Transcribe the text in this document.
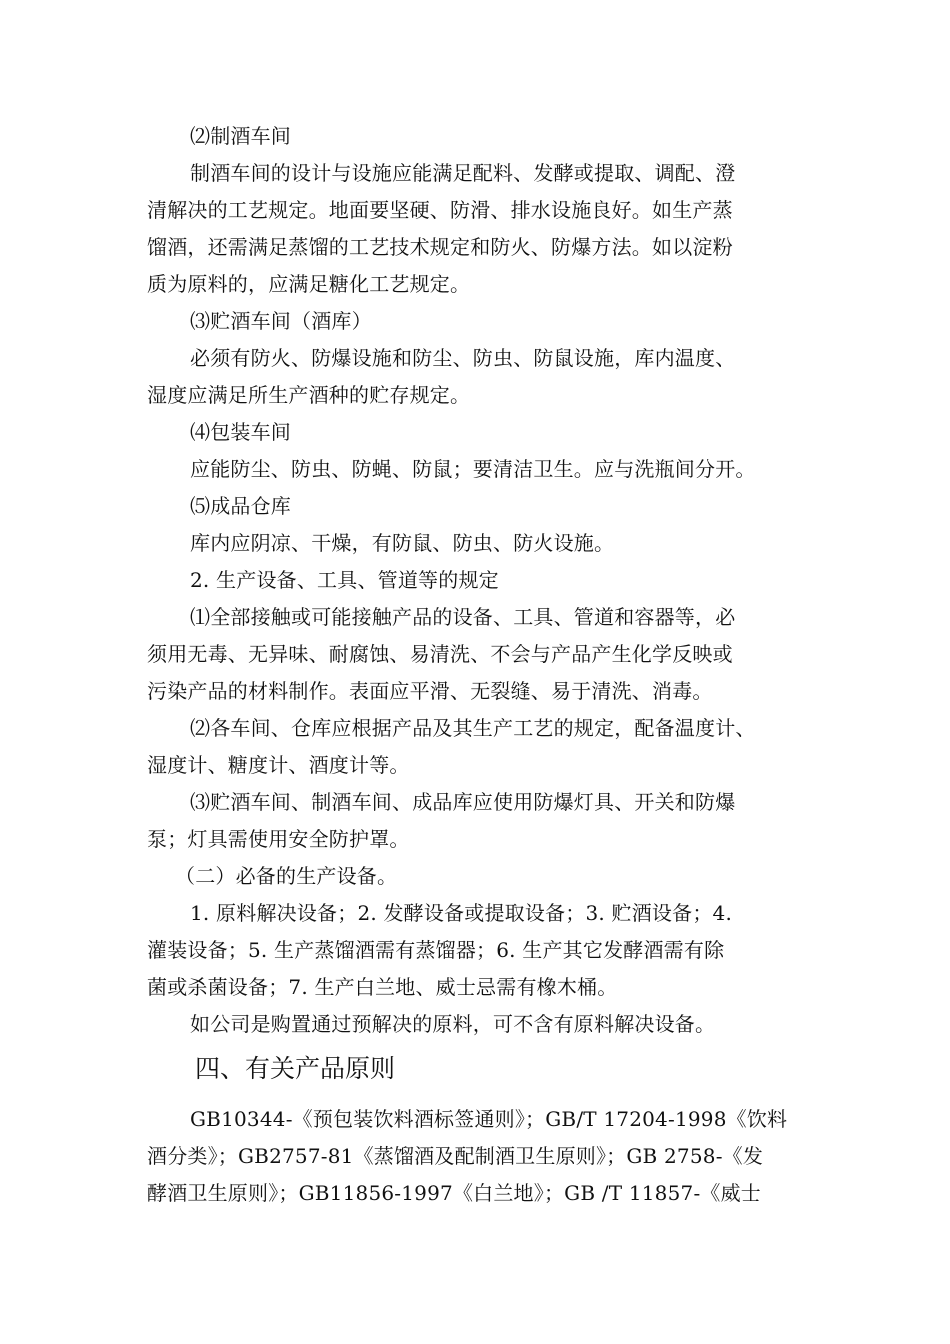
⑵制酒车间
制酒车间的设计与设施应能满足配料、发酵或提取、调配、澄
清解决的工艺规定。地面要坚硬、防滑、排水设施良好。如生产蒸
馏酒，还需满足蒸馏的工艺技术规定和防火、防爆方法。如以淀粉
质为原料的，应满足糖化工艺规定。
⑶贮酒车间（酒库）
必须有防火、防爆设施和防尘、防虫、防鼠设施，库内温度、
湿度应满足所生产酒种的贮存规定。
⑷包装车间
应能防尘、防虫、防蝇、防鼠；要清洁卫生。应与洗瓶间分开。
⑸成品仓库
库内应阴凉、干燥，有防鼠、防虫、防火设施。
2. 生产设备、工具、管道等的规定
⑴全部接触或可能接触产品的设备、工具、管道和容器等，必
须用无毒、无异味、耐腐蚀、易清洗、不会与产品产生化学反映或
污染产品的材料制作。表面应平滑、无裂缝、易于清洗、消毒。
⑵各车间、仓库应根据产品及其生产工艺的规定，配备温度计、
湿度计、糖度计、酒度计等。
⑶贮酒车间、制酒车间、成品库应使用防爆灯具、开关和防爆
泵；灯具需使用安全防护罩。
（二）必备的生产设备。
1. 原料解决设备；2. 发酵设备或提取设备；3. 贮酒设备；4.
灌装设备；5. 生产蒸馏酒需有蒸馏器；6. 生产其它发酵酒需有除
菌或杀菌设备；7. 生产白兰地、威士忌需有橡木桶。
如公司是购置通过预解决的原料，可不含有原料解决设备。
四、有关产品原则
GB10344-《预包装饮料酒标签通则》；GB/T 17204-1998《饮料
酒分类》；GB2757-81《蒸馏酒及配制酒卫生原则》；GB 2758-《发
酵酒卫生原则》；GB11856-1997《白兰地》；GB /T 11857-《威士
